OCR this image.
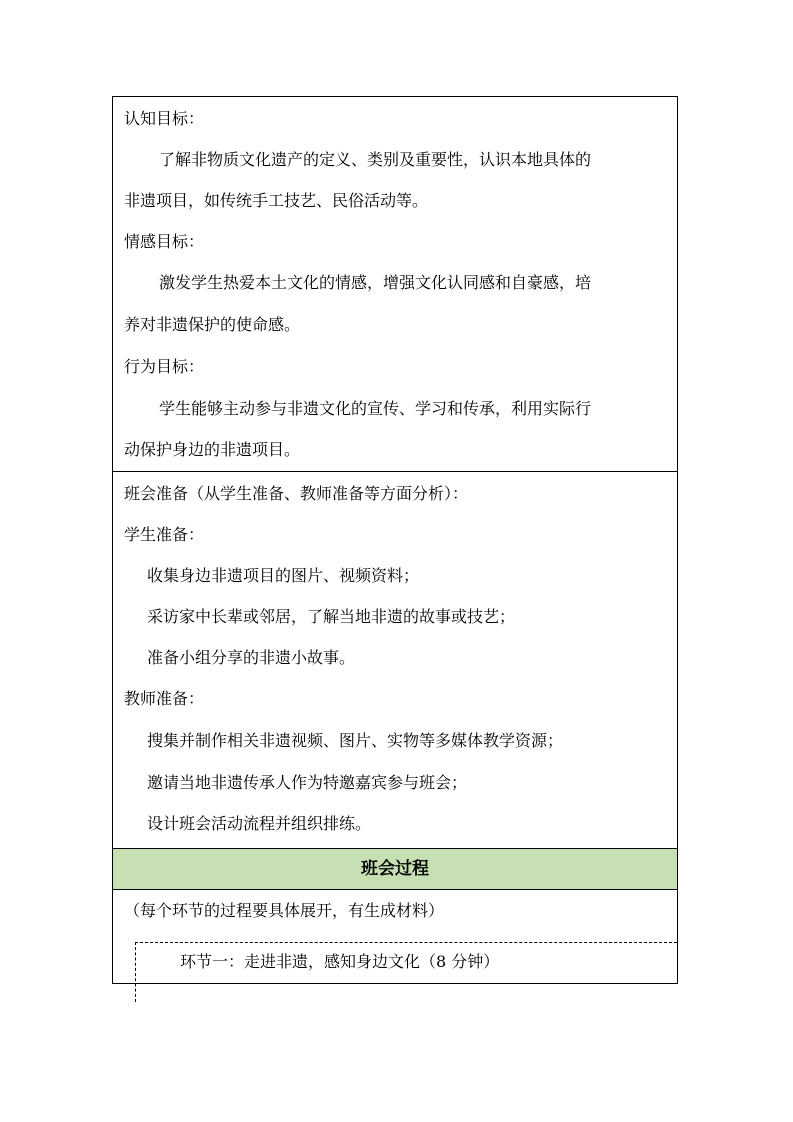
认知目标：
了解非物质文化遗产的定义、类别及重要性，认识本地具体的
非遗项目，如传统手工技艺、民俗活动等。
情感目标：
激发学生热爱本土文化的情感，增强文化认同感和自豪感，培
养对非遗保护的使命感。
行为目标：
学生能够主动参与非遗文化的宣传、学习和传承，利用实际行
动保护身边的非遗项目。
班会准备（从学生准备、教师准备等方面分析）：
学生准备：
收集身边非遗项目的图片、视频资料；
采访家中长辈或邻居，了解当地非遗的故事或技艺；
准备小组分享的非遗小故事。
教师准备：
搜集并制作相关非遗视频、图片、实物等多媒体教学资源；
邀请当地非遗传承人作为特邀嘉宾参与班会；
设计班会活动流程并组织排练。
班会过程
（每个环节的过程要具体展开，有生成材料）
环节一：走进非遗，感知身边文化（8 分钟）
